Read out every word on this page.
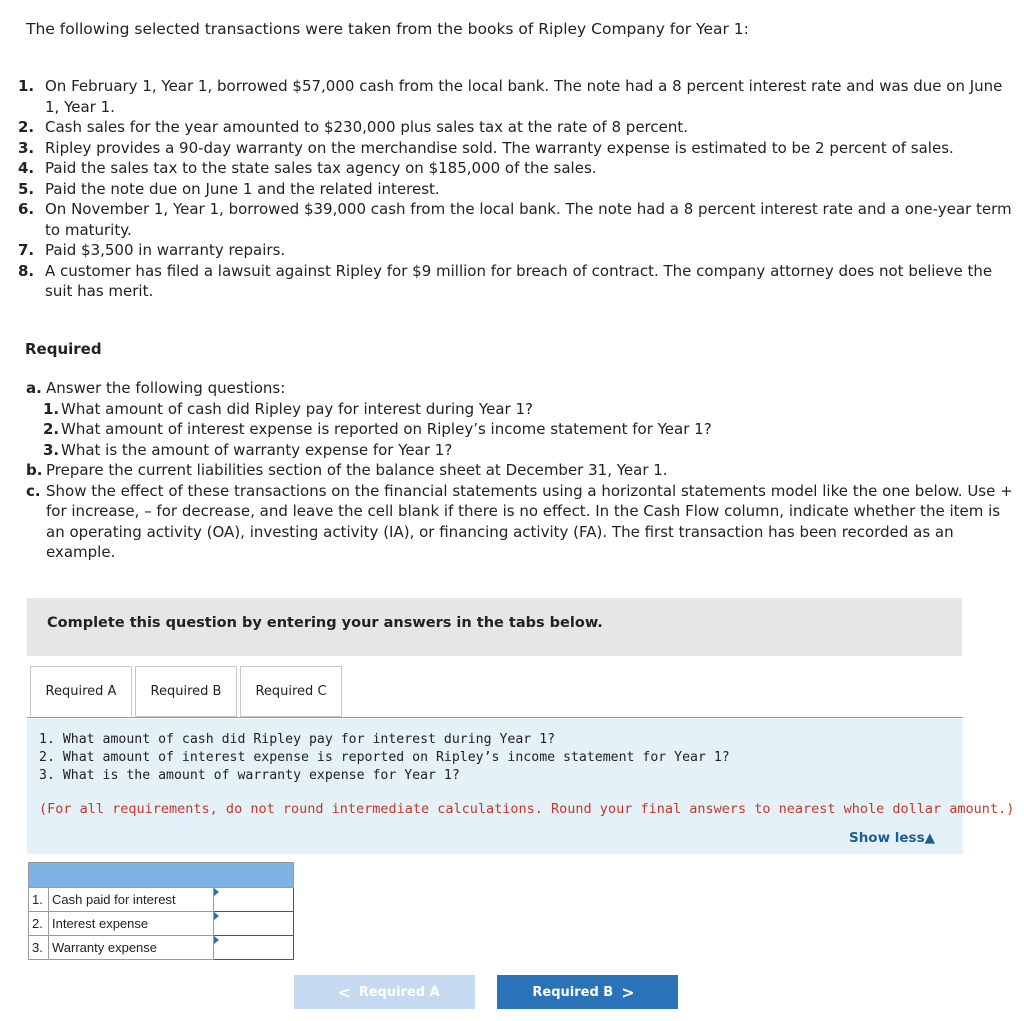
The following selected transactions were taken from the books of Ripley Company for Year 1:
1. On February 1, Year 1, borrowed $57,000 cash from the local bank. The note had a 8 percent interest rate and was due on June 1, Year 1.
2. Cash sales for the year amounted to $230,000 plus sales tax at the rate of 8 percent.
3. Ripley provides a 90-day warranty on the merchandise sold. The warranty expense is estimated to be 2 percent of sales.
4. Paid the sales tax to the state sales tax agency on $185,000 of the sales.
5. Paid the note due on June 1 and the related interest.
6. On November 1, Year 1, borrowed $39,000 cash from the local bank. The note had a 8 percent interest rate and a one-year term to maturity.
7. Paid $3,500 in warranty repairs.
8. A customer has filed a lawsuit against Ripley for $9 million for breach of contract. The company attorney does not believe the suit has merit.
Required
a. Answer the following questions:
1. What amount of cash did Ripley pay for interest during Year 1?
2. What amount of interest expense is reported on Ripley’s income statement for Year 1?
3. What is the amount of warranty expense for Year 1?
b. Prepare the current liabilities section of the balance sheet at December 31, Year 1.
c. Show the effect of these transactions on the financial statements using a horizontal statements model like the one below. Use + for increase, – for decrease, and leave the cell blank if there is no effect. In the Cash Flow column, indicate whether the item is an operating activity (OA), investing activity (IA), or financing activity (FA). The first transaction has been recorded as an example.
Complete this question by entering your answers in the tabs below.
Required A	Required B	Required C
1. What amount of cash did Ripley pay for interest during Year 1?
2. What amount of interest expense is reported on Ripley’s income statement for Year 1?
3. What is the amount of warranty expense for Year 1?
(For all requirements, do not round intermediate calculations. Round your final answers to nearest whole dollar amount.)
Show less▲

1.	Cash paid for interest	

2.	Interest expense	

3.	Warranty expense	
< Required A	Required B >
